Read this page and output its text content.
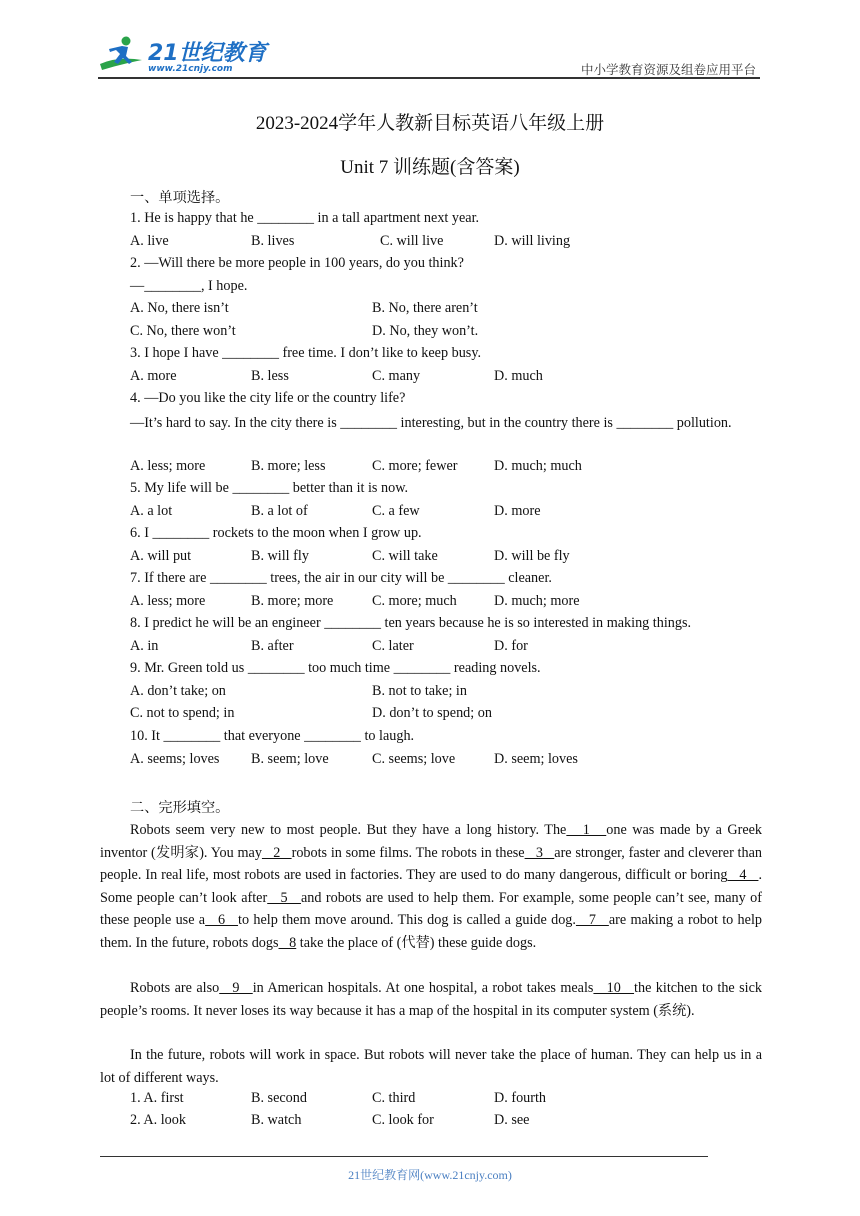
21世纪教育
www.21cnjy.com	中小学教育资源及组卷应用平台
2023-2024学年人教新目标英语八年级上册
Unit 7 训练题(含答案)
一、单项选择。
1. He is happy that he ________ in a tall apartment next year.
A. live	B. lives	C. will live	D. will living
2. —Will there be more people in 100 years, do you think?
—________, I hope.
A. No, there isn’t	B. No, there aren’t
C. No, there won’t	D. No, they won’t.
3. I hope I have ________ free time. I don’t like to keep busy.
A. more	B. less	C. many	D. much
4. —Do you like the city life or the country life?
—It’s hard to say. In the city there is ________ interesting, but in the country there is ________ pollution.
A. less; more	B. more; less	C. more; fewer	D. much; much
5. My life will be ________ better than it is now.
A. a lot	B. a lot of	C. a few	D. more
6. I ________ rockets to the moon when I grow up.
A. will put	B. will fly	C. will take	D. will be fly
7. If there are ________ trees, the air in our city will be ________ cleaner.
A. less; more	B. more; more	C. more; much	D. much; more
8. I predict he will be an engineer ________ ten years because he is so interested in making things.
A. in	B. after	C. later	D. for
9. Mr. Green told us ________ too much time ________ reading novels.
A. don’t take; on	B. not to take; in
C. not to spend; in	D. don’t to spend; on
10. It ________ that everyone ________ to laugh.
A. seems; loves B. seem; love	C. seems; love	D. seem; loves
二、完形填空。
Robots seem very new to most people. But they have a long history. The   1   one was made by a Greek inventor (发明家). You may   2   robots in some films. The robots in these   3   are stronger, faster and cleverer than people. In real life, most robots are used in factories. They are used to do many dangerous, difficult or boring   4   . Some people can’t look after   5   and robots are used to help them. For example, some people can’t see, many of these people use a   6   to help them move around. This dog is called a guide dog.   7   are making a robot to help them. In the future, robots dogs   8 take the place of (代替) these guide dogs.
Robots are also   9   in American hospitals. At one hospital, a robot takes meals   10   the kitchen to the sick people’s rooms. It never loses its way because it has a map of the hospital in its computer system (系统).
In the future, robots will work in space. But robots will never take the place of human. They can help us in a lot of different ways.
1. A. first	B. second	C. third	D. fourth
2. A. look	B. watch	C. look for	D. see
21世纪教育网(www.21cnjy.com)
